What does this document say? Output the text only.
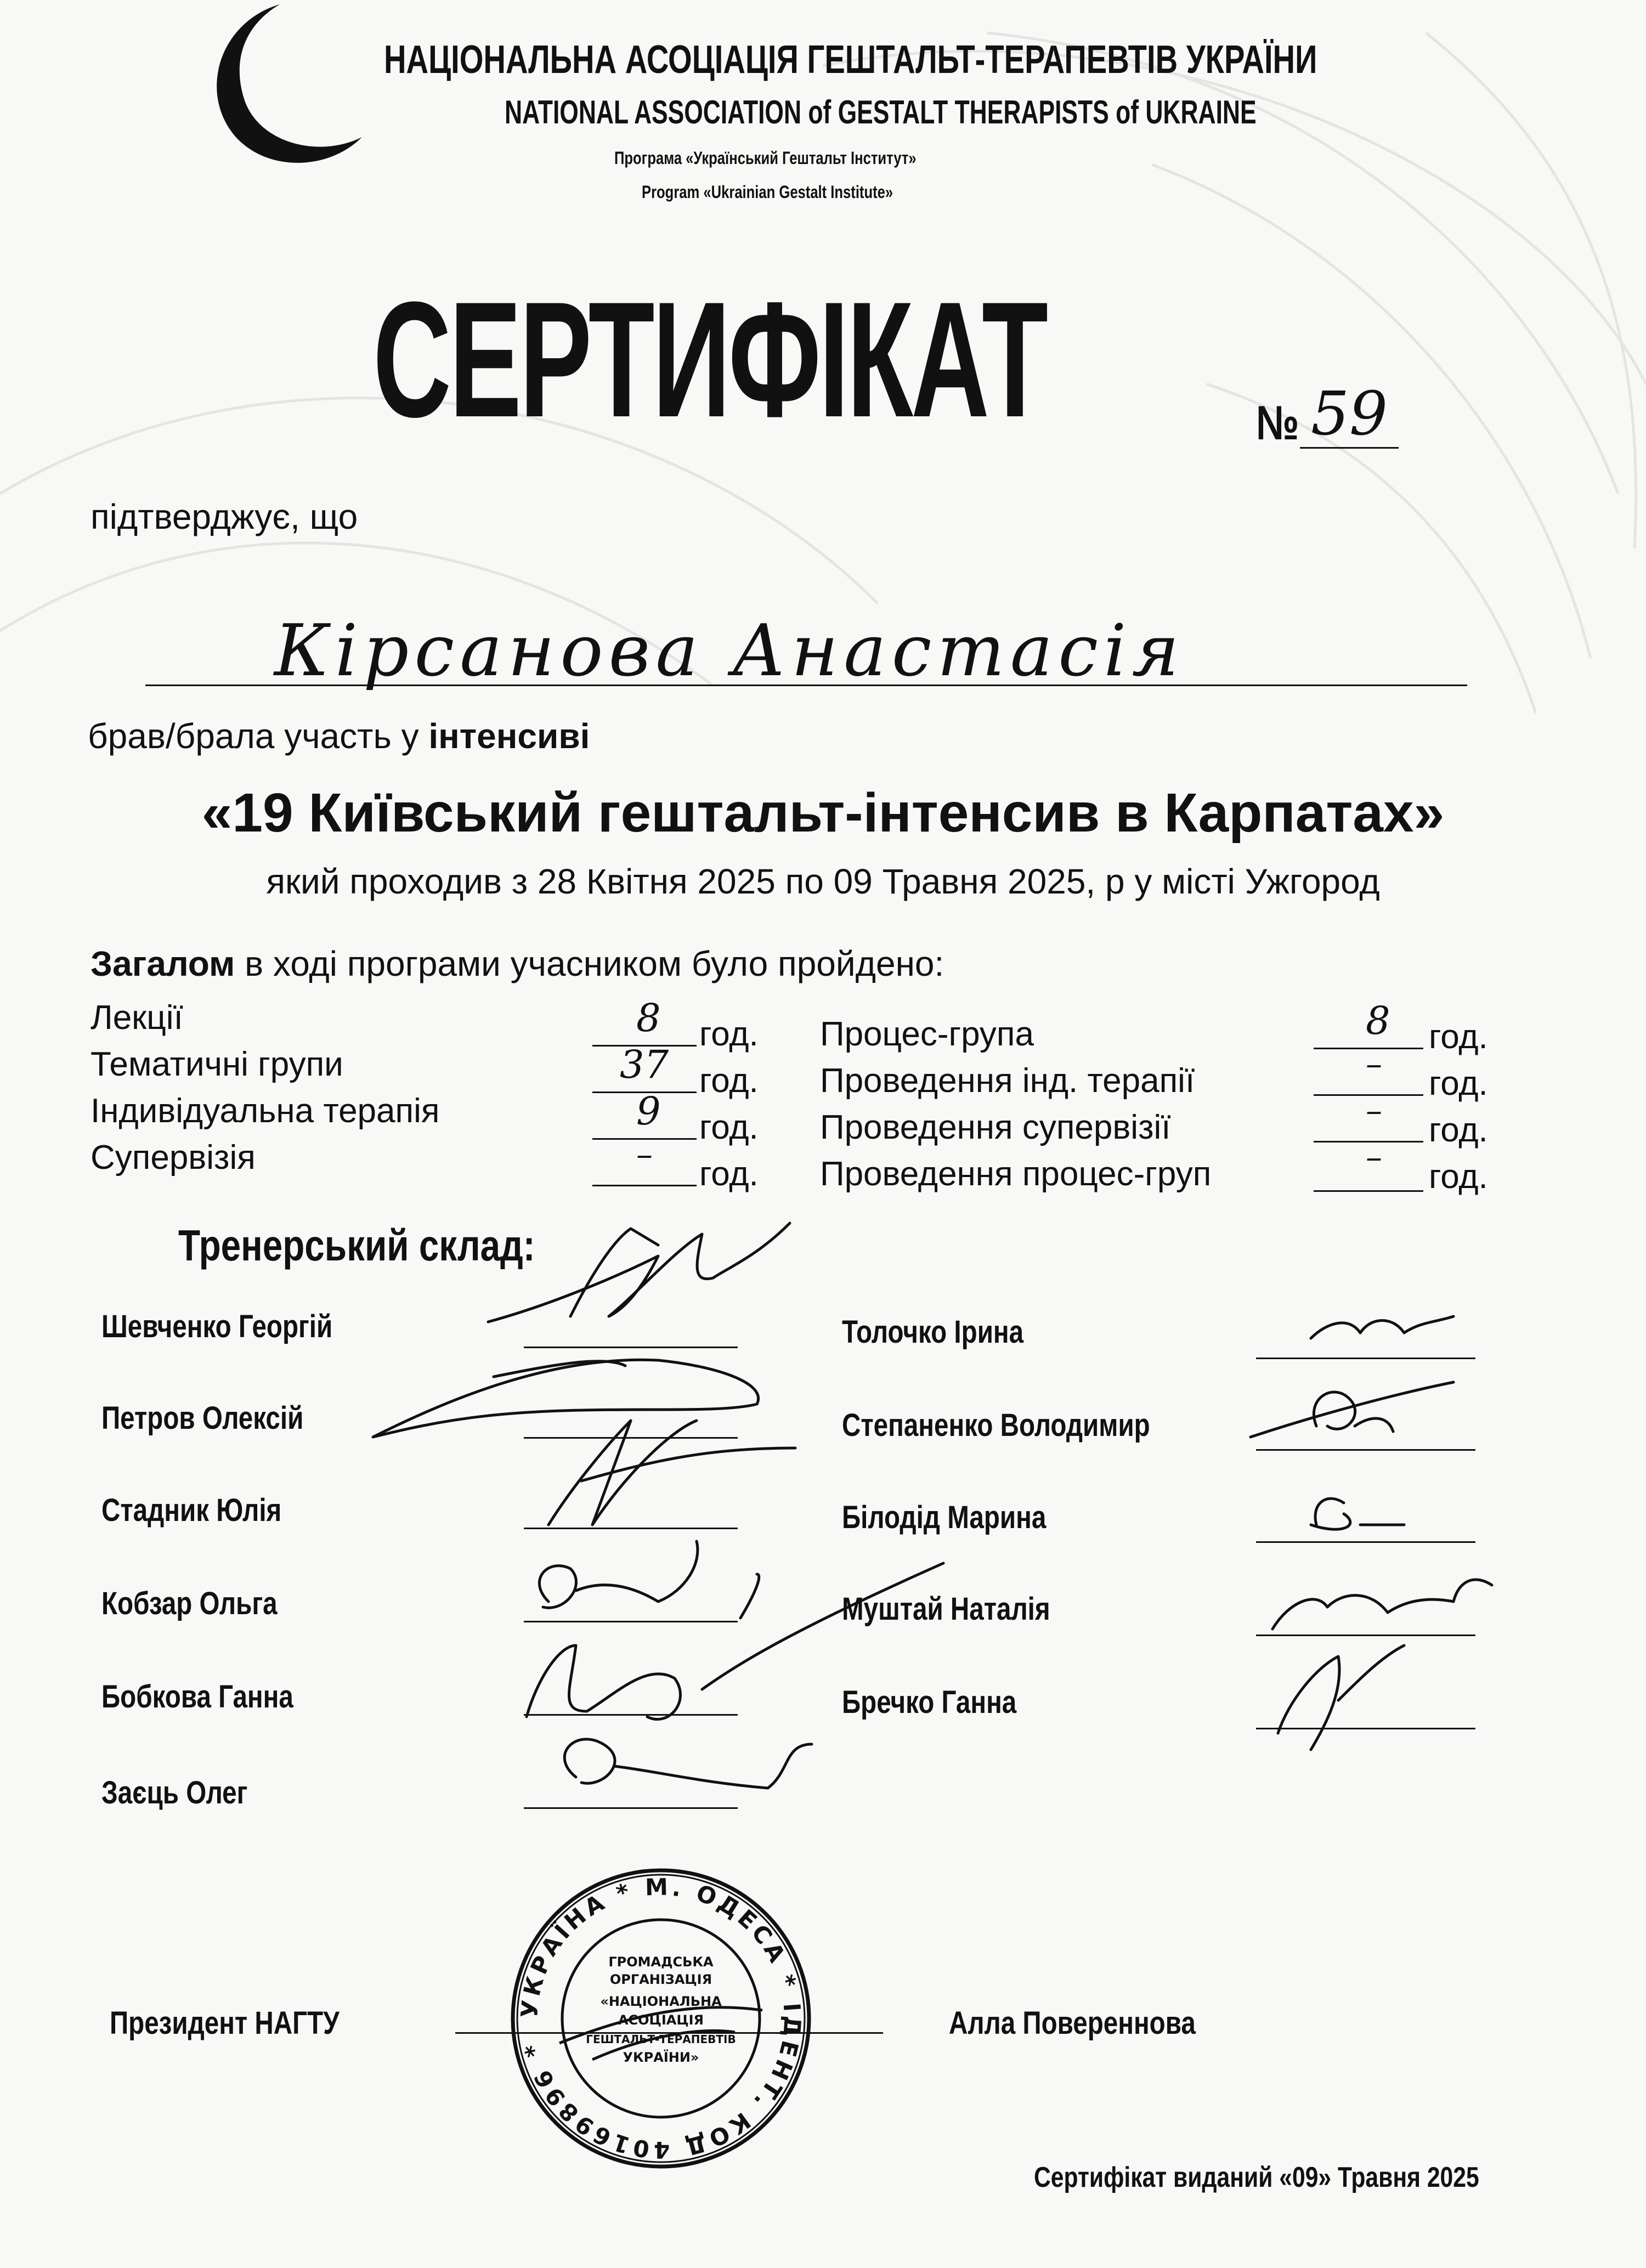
НАЦІОНАЛЬНА АСОЦІАЦІЯ ГЕШТАЛЬТ-ТЕРАПЕВТІВ УКРАЇНИ
NATIONAL ASSOCIATION of GESTALT THERAPISTS of UKRAINE
Програма «Український Гештальт Інститут»
Program «Ukrainian Gestalt Institute»
СЕРТИФІКАТ	№ 59
підтверджує, що
Кірсанова Анастасія
брав/брала участь у інтенсиві
«19 Київський гештальт-інтенсив в Карпатах»
який проходив з 28 Квітня 2025 по 09 Травня 2025, р у місті Ужгород
Загалом в ході програми учасником було пройдено:
Лекції
Тематичні групи
Індивідуальна терапія
Супервізія
8 год.
37 год.
9 год.
–
год.
Процес-група
Проведення інд. терапії
Проведення супервізії
Проведення процес-груп
8 год.
–
год.
–
год.
–
год.
Тренерський склад:
Шевченко Георгій
Петров Олексій
Стадник Юлія
Кобзар Ольга
Бобкова Ганна
Заєць Олег
Толочко Ірина
Степаненко Володимир
Білодід Марина
Муштай Наталія
Бречко Ганна
Президент НАГТУ	Алла Повереннова
УКРАЇНА * М. ОДЕСА * ІДЕНТ. КОД 40169896 *
ГРОМАДСЬКА
ОРГАНІЗАЦІЯ
«НАЦІОНАЛЬНА
АСОЦІАЦІЯ
ГЕШТАЛЬТ-ТЕРАПЕВТІВ
УКРАЇНИ»
Сертифікат виданий «09» Травня 2025
